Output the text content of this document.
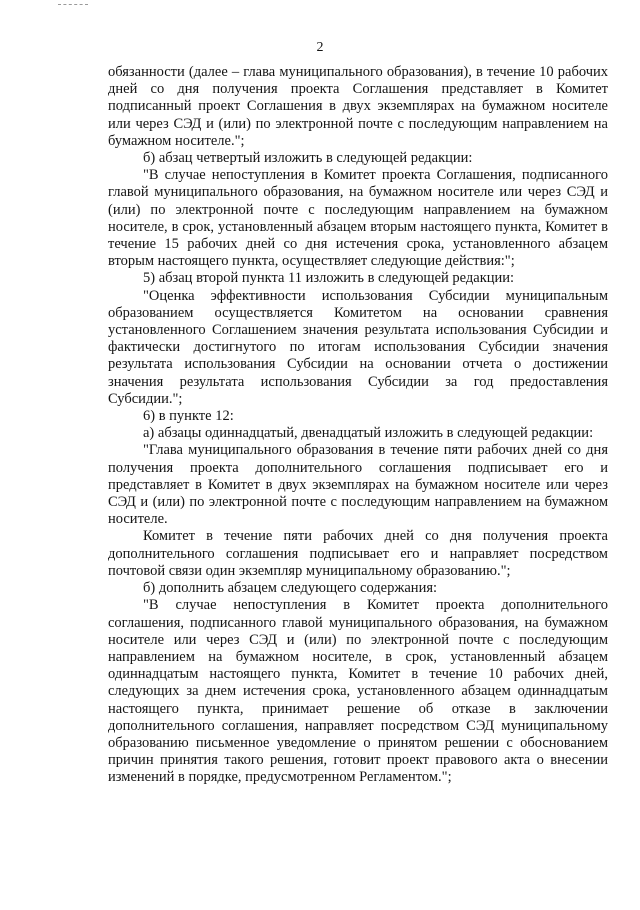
2

обязанности (далее – глава муниципального образования), в течение 10 рабочих дней со дня получения проекта Соглашения представляет в Комитет подписанный проект Соглашения в двух экземплярах на бумажном носителе или через СЭД и (или) по электронной почте с последующим направлением на бумажном носителе.";

б) абзац четвертый изложить в следующей редакции:

"В случае непоступления в Комитет проекта Соглашения, подписанного главой муниципального образования, на бумажном носителе или через СЭД и (или) по электронной почте с последующим направлением на бумажном носителе, в срок, установленный абзацем вторым настоящего пункта, Комитет в течение 15 рабочих дней со дня истечения срока, установленного абзацем вторым настоящего пункта, осуществляет следующие действия:";

5) абзац второй пункта 11 изложить в следующей редакции:

"Оценка эффективности использования Субсидии муниципальным образованием осуществляется Комитетом на основании сравнения установленного Соглашением значения результата использования Субсидии и фактически достигнутого по итогам использования Субсидии значения результата использования Субсидии на основании отчета о достижении значения результата использования Субсидии за год предоставления Субсидии.";

6) в пункте 12:

а) абзацы одиннадцатый, двенадцатый изложить в следующей редакции:

"Глава муниципального образования в течение пяти рабочих дней со дня получения проекта дополнительного соглашения подписывает его и представляет в Комитет в двух экземплярах на бумажном носителе или через СЭД и (или) по электронной почте с последующим направлением на бумажном носителе.

Комитет в течение пяти рабочих дней со дня получения проекта дополнительного соглашения подписывает его и направляет посредством почтовой связи один экземпляр муниципальному образованию.";

б) дополнить абзацем следующего содержания:

"В случае непоступления в Комитет проекта дополнительного соглашения, подписанного главой муниципального образования, на бумажном носителе или через СЭД и (или) по электронной почте с последующим направлением на бумажном носителе, в срок, установленный абзацем одиннадцатым настоящего пункта, Комитет в течение 10 рабочих дней, следующих за днем истечения срока, установленного абзацем одиннадцатым настоящего пункта, принимает решение об отказе в заключении дополнительного соглашения, направляет посредством СЭД муниципальному образованию письменное уведомление о принятом решении с обоснованием причин принятия такого решения, готовит проект правового акта о внесении изменений в порядке, предусмотренном Регламентом.";
